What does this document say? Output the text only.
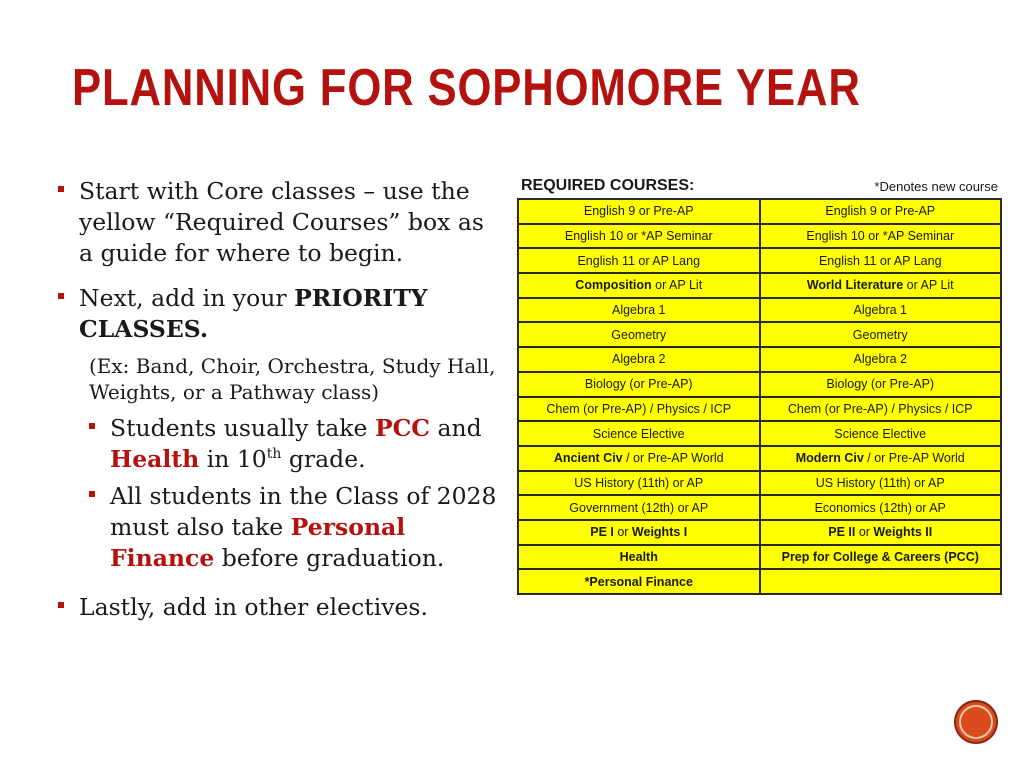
PLANNING FOR SOPHOMORE YEAR
Start with Core classes – use the yellow “Required Courses” box as a guide for where to begin.
Next, add in your PRIORITY CLASSES.
(Ex: Band, Choir, Orchestra, Study Hall, Weights, or a Pathway class)
Students usually take PCC and Health in 10th grade.
All students in the Class of 2028 must also take Personal Finance before graduation.
Lastly, add in other electives.
REQUIRED COURSES:	*Denotes new course
English 9 or Pre-AP	English 9 or Pre-AP
English 10 or *AP Seminar	English 10 or *AP Seminar
English 11 or AP Lang	English 11 or AP Lang
Composition or AP Lit	World Literature or AP Lit
Algebra 1	Algebra 1
Geometry	Geometry
Algebra 2	Algebra 2
Biology (or Pre-AP)	Biology (or Pre-AP)
Chem (or Pre-AP) / Physics / ICP	Chem (or Pre-AP) / Physics / ICP
Science Elective	Science Elective
Ancient Civ / or Pre-AP World	Modern Civ / or Pre-AP World
US History (11th) or AP	US History (11th) or AP
Government (12th) or AP	Economics (12th) or AP
PE I or Weights I	PE II or Weights II
Health	Prep for College & Careers (PCC)
*Personal Finance	
